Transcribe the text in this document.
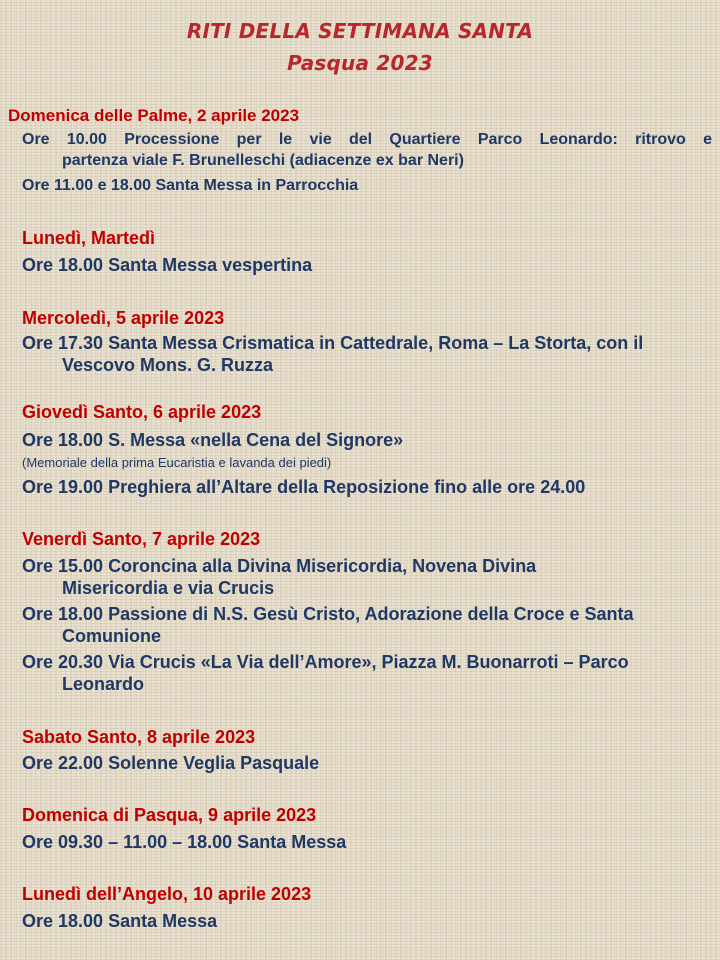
RITI DELLA SETTIMANA SANTA
Pasqua 2023
Domenica delle Palme, 2 aprile 2023
Ore 10.00 Processione per le vie del Quartiere Parco Leonardo: ritrovo e
partenza viale F. Brunelleschi (adiacenze ex bar Neri)
Ore 11.00 e 18.00 Santa Messa in Parrocchia
Lunedì, Martedì
Ore 18.00 Santa Messa vespertina
Mercoledì, 5 aprile 2023
Ore 17.30 Santa Messa Crismatica in Cattedrale, Roma – La Storta, con il
Vescovo Mons. G. Ruzza
Giovedì Santo, 6 aprile 2023
Ore 18.00 S. Messa «nella Cena del Signore»
(Memoriale della prima Eucaristia e lavanda dei piedi)
Ore 19.00 Preghiera all’Altare della Reposizione fino alle ore 24.00
Venerdì Santo, 7 aprile 2023
Ore 15.00 Coroncina alla Divina Misericordia, Novena Divina
Misericordia e via Crucis
Ore 18.00 Passione di N.S. Gesù Cristo, Adorazione della Croce e Santa
Comunione
Ore 20.30 Via Crucis «La Via dell’Amore», Piazza M. Buonarroti – Parco
Leonardo
Sabato Santo, 8 aprile 2023
Ore 22.00 Solenne Veglia Pasquale
Domenica di Pasqua, 9 aprile 2023
Ore 09.30 – 11.00 – 18.00 Santa Messa
Lunedì dell’Angelo, 10 aprile 2023
Ore 18.00 Santa Messa
